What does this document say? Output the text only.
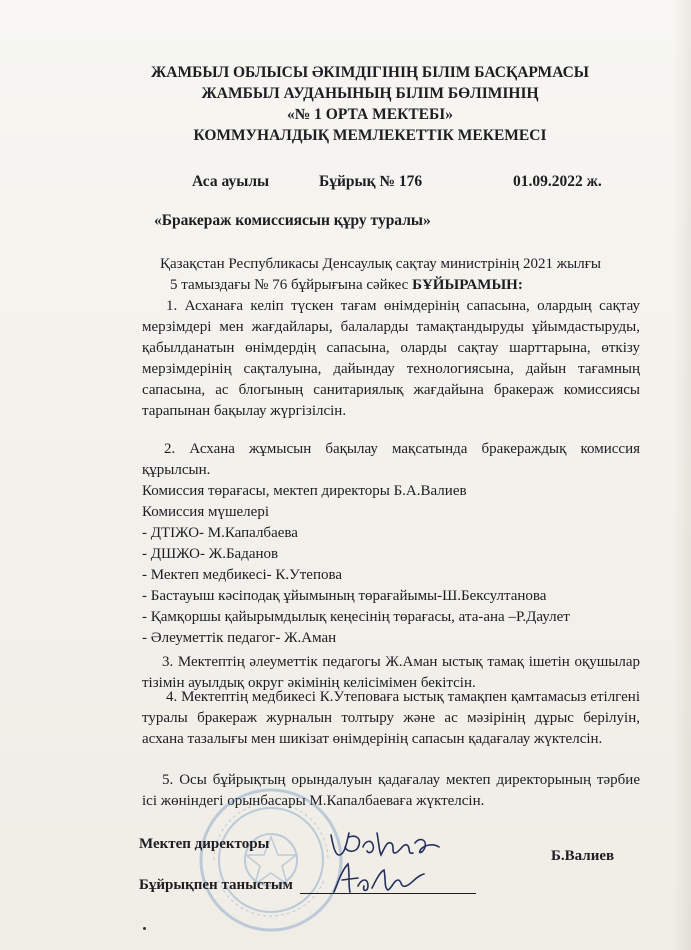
ЖАМБЫЛ ОБЛЫСЫ ӘКІМДІГІНІҢ БІЛІМ БАСҚАРМАСЫ
ЖАМБЫЛ АУДАНЫНЫҢ БІЛІМ БӨЛІМІНІҢ
«№ 1 ОРТА МЕКТЕБІ»
КОММУНАЛДЫҚ МЕМЛЕКЕТТІК МЕКЕМЕСІ
Аса ауылы	Бұйрық № 176	01.09.2022 ж.
«Бракераж комиссиясын құру туралы»
Қазақстан Республикасы Денсаулық сақтау министрінің 2021 жылғы
5 тамыздағы № 76 бұйрығына сәйкес БҰЙЫРАМЫН:
1. Асханаға келіп түскен тағам өнімдерінің сапасына, олардың сақтау мерзімдері мен жағдайлары, балаларды тамақтандыруды ұйымдастыруды, қабылданатын өнімдердің сапасына, оларды сақтау шарттарына, өткізу мерзімдерінің сақталуына, дайындау технологиясына, дайын тағамның сапасына, ас блогының санитариялық жағдайына бракераж комиссиясы тарапынан бақылау жүргізілсін.
2. Асхана жұмысын бақылау мақсатында бракераждық комиссия құрылсын.
Комиссия төрағасы, мектеп директоры Б.А.Валиев
Комиссия мүшелері
- ДТІЖО- М.Капалбаева
- ДШЖО- Ж.Баданов
- Мектеп медбикесі- К.Утепова
- Бастауыш кәсіподақ ұйымының төрағайымы-Ш.Бексултанова
- Қамқоршы қайырымдылық кеңесінің төрағасы, ата-ана –Р.Даулет
- Әлеуметтік педагог- Ж.Аман
3. Мектептің әлеуметтік педагогы Ж.Аман ыстық тамақ ішетін оқушылар тізімін ауылдық округ әкімінің келісімімен бекітсін.
4. Мектептің медбикесі К.Утеповаға ыстық тамақпен қамтамасыз етілгені туралы бракераж журналын толтыру және ас мәзірінің дұрыс берілуін, асхана тазалығы мен шикізат өнімдерінің сапасын қадағалау жүктелсін.
5. Осы бұйрықтың орындалуын қадағалау мектеп директорының тәрбие ісі жөніндегі орынбасары М.Капалбаеваға жүктелсін.
Мектеп директоры
Б.Валиев
Бұйрықпен таныстым
